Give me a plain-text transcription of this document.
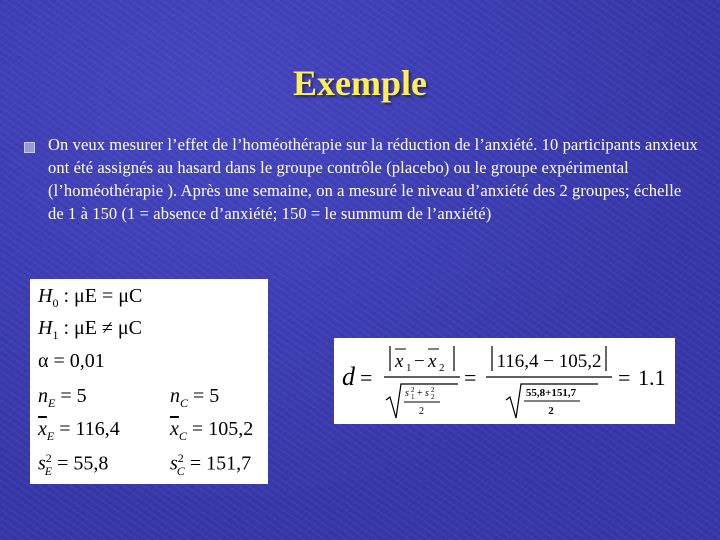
Exemple
On veux mesurer l’effet de l’homéothérapie sur la réduction de l’anxiété. 10 participants anxieux ont été assignés au hasard dans le groupe contrôle (placebo) ou le groupe expérimental (l’homéothérapie ). Après une semaine, on a mesuré le niveau d’anxiété des 2 groupes; échelle de 1 à 150 (1 = absence d’anxiété; 150 = le summum de l’anxiété)
$H_0$ : μE = μC
$H_1$ : μE ≠ μC
α = 0,01
$n_E = 5$	$n_C = 5$
$\overline{x}_E = 116,4$	$\overline{x}_C = 105,2$
$s^2_E = 55,8$	$s^2_C = 151,7$
d =
x 1 − x 2
s 2
1 + s 2
2
2
=
116,4 − 105,2
55,8+151,7
2
= 1.1
